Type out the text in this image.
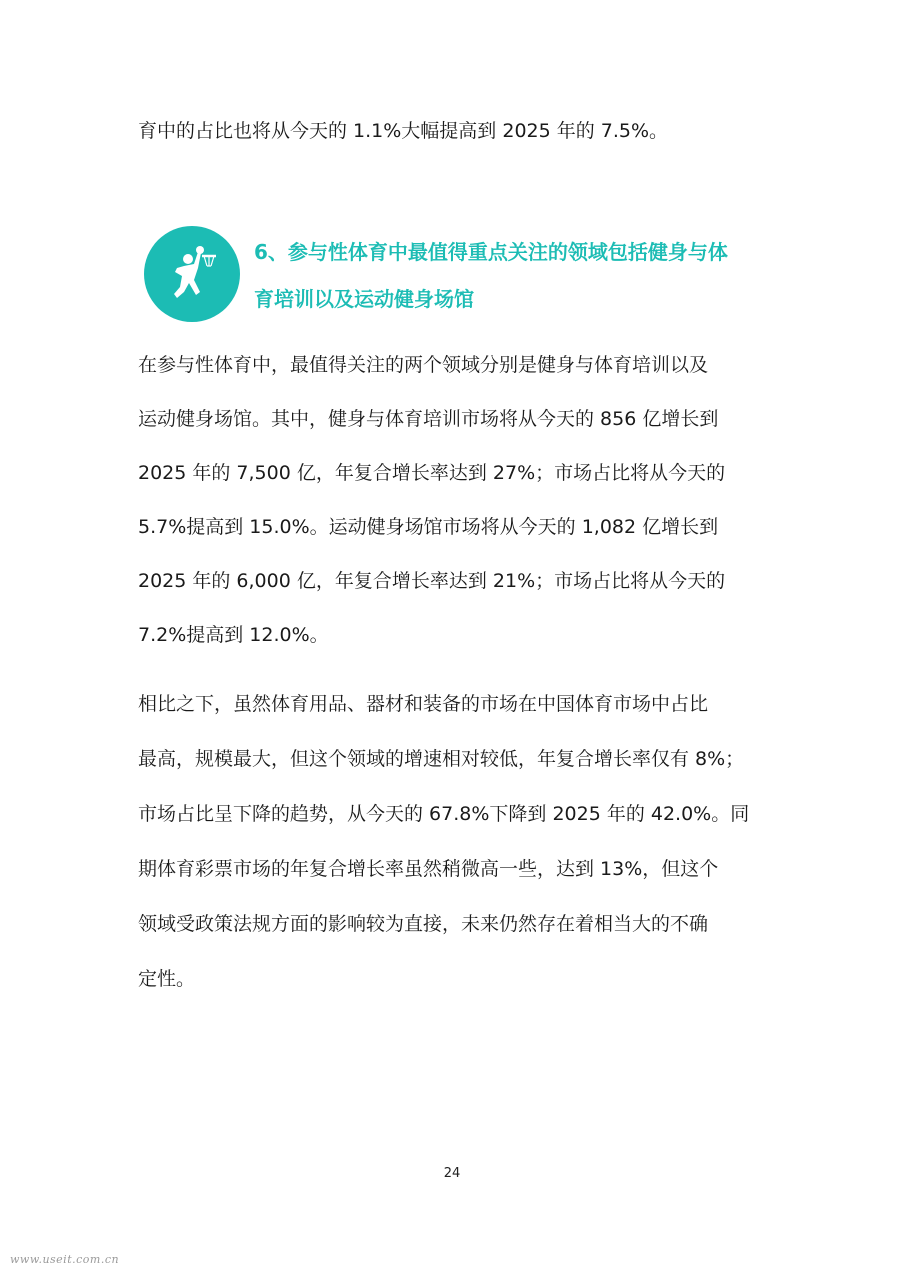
育中的占比也将从今天的 1.1%大幅提高到 2025 年的 7.5%。
6、参与性体育中最值得重点关注的领域包括健身与体
育培训以及运动健身场馆
在参与性体育中，最值得关注的两个领域分别是健身与体育培训以及
运动健身场馆。其中，健身与体育培训市场将从今天的 856 亿增长到
2025 年的 7,500 亿，年复合增长率达到 27%；市场占比将从今天的
5.7%提高到 15.0%。运动健身场馆市场将从今天的 1,082 亿增长到
2025 年的 6,000 亿，年复合增长率达到 21%；市场占比将从今天的
7.2%提高到 12.0%。
相比之下，虽然体育用品、器材和装备的市场在中国体育市场中占比
最高，规模最大，但这个领域的增速相对较低，年复合增长率仅有 8%；
市场占比呈下降的趋势，从今天的 67.8%下降到 2025 年的 42.0%。同
期体育彩票市场的年复合增长率虽然稍微高一些，达到 13%，但这个
领域受政策法规方面的影响较为直接，未来仍然存在着相当大的不确
定性。
24
www.useit.com.cn
